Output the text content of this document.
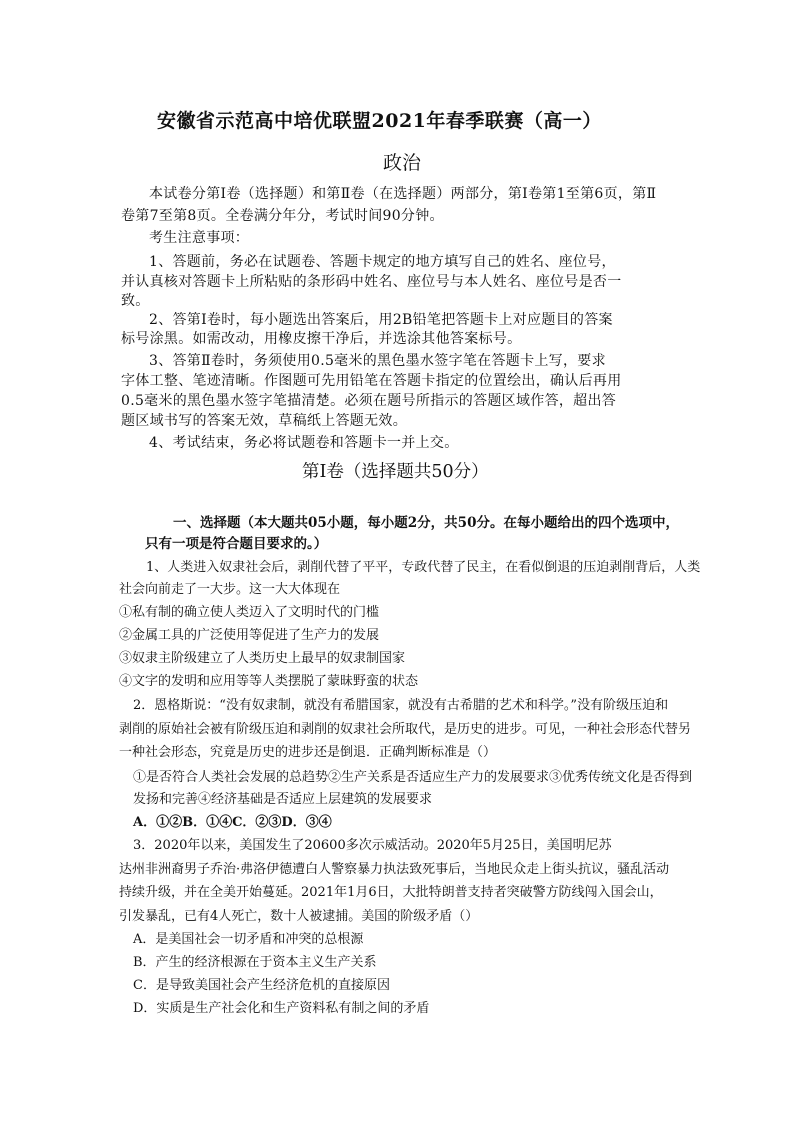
安徽省示范高中培优联盟2021年春季联赛（高一）
政治
本试卷分第Ⅰ卷（选择题）和第Ⅱ卷（在选择题）两部分，第Ⅰ卷第1至第6页，第Ⅱ
卷第7至第8页。全卷满分年分，考试时间90分钟。
考生注意事项：
1、答题前，务必在试题卷、答题卡规定的地方填写自己的姓名、座位号，
并认真核对答题卡上所粘贴的条形码中姓名、座位号与本人姓名、座位号是否一
致。
2、答第Ⅰ卷时，每小题选出答案后，用2B铅笔把答题卡上对应题目的答案
标号涂黑。如需改动，用橡皮擦干净后，并选涂其他答案标号。
3、答第Ⅱ卷时，务须使用0.5毫米的黑色墨水签字笔在答题卡上写，要求
字体工整、笔迹清晰。作图题可先用铅笔在答题卡指定的位置绘出，确认后再用
0.5毫米的黑色墨水签字笔描清楚。必须在题号所指示的答题区域作答，超出答
题区域书写的答案无效，草稿纸上答题无效。
4、考试结束，务必将试题卷和答题卡一并上交。
第Ⅰ卷（选择题共50分）
一、选择题（本大题共05小题，每小题2分，共50分。在每小题给出的四个选项中，
只有一项是符合题目要求的。）
1、人类进入奴隶社会后，剥削代替了平平，专政代替了民主，在看似倒退的压迫剥削背后，人类
社会向前走了一大步。这一大大体现在
①私有制的确立使人类迈入了文明时代的门槛
②金属工具的广泛使用等促进了生产力的发展
③奴隶主阶级建立了人类历史上最早的奴隶制国家
④文字的发明和应用等等人类摆脱了蒙昧野蛮的状态
2．恩格斯说：“没有奴隶制，就没有希腊国家，就没有古希腊的艺术和科学。”没有阶级压迫和
剥削的原始社会被有阶级压迫和剥削的奴隶社会所取代，是历史的进步。可见，一种社会形态代替另
一种社会形态，究竟是历史的进步还是倒退．正确判断标准是（）
①是否符合人类社会发展的总趋势②生产关系是否适应生产力的发展要求③优秀传统文化是否得到
发扬和完善④经济基础是否适应上层建筑的发展要求
A．①②B．①④C．②③D．③④
3．2020年以来，美国发生了20600多次示威活动。2020年5月25日，美国明尼苏
达州非洲裔男子乔治·弗洛伊德遭白人警察暴力执法致死事后，当地民众走上街头抗议，骚乱活动
持续升级，并在全美开始蔓延。2021年1月6日，大批特朗普支持者突破警方防线闯入国会山，
引发暴乱，已有4人死亡，数十人被逮捕。美国的阶级矛盾（）
A．是美国社会一切矛盾和冲突的总根源
B．产生的经济根源在于资本主义生产关系
C．是导致美国社会产生经济危机的直接原因
D．实质是生产社会化和生产资料私有制之间的矛盾
